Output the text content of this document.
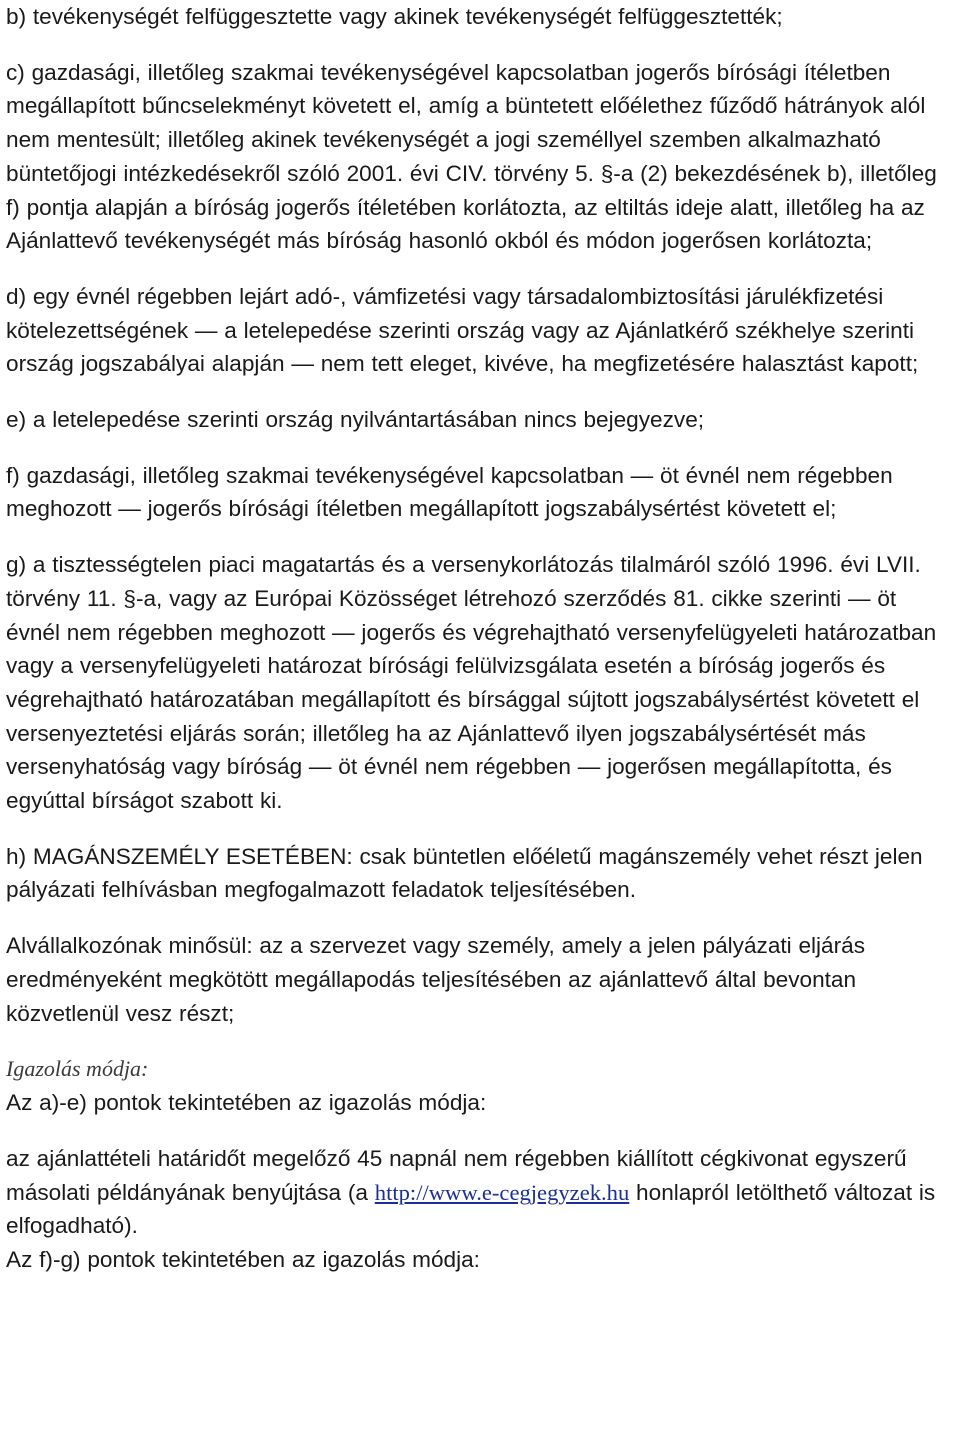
b) tevékenységét felfüggesztette vagy akinek tevékenységét felfüggesztették;

c) gazdasági, illetőleg szakmai tevékenységével kapcsolatban jogerős bírósági ítéletben megállapított bűncselekményt követett el, amíg a büntetett előélethez fűződő hátrányok alól nem mentesült; illetőleg akinek tevékenységét a jogi személlyel szemben alkalmazható büntetőjogi intézkedésekről szóló 2001. évi CIV. törvény 5. §-a (2) bekezdésének b), illetőleg f) pontja alapján a bíróság jogerős ítéletében korlátozta, az eltiltás ideje alatt, illetőleg ha az Ajánlattevő tevékenységét más bíróság hasonló okból és módon jogerősen korlátozta;

d) egy évnél régebben lejárt adó-, vámfizetési vagy társadalombiztosítási járulékfizetési kötelezettségének — a letelepedése szerinti ország vagy az Ajánlatkérő székhelye szerinti ország jogszabályai alapján — nem tett eleget, kivéve, ha megfizetésére halasztást kapott;

e) a letelepedése szerinti ország nyilvántartásában nincs bejegyezve;

f) gazdasági, illetőleg szakmai tevékenységével kapcsolatban — öt évnél nem régebben meghozott — jogerős bírósági ítéletben megállapított jogszabálysértést követett el;

g) a tisztességtelen piaci magatartás és a versenykorlátozás tilalmáról szóló 1996. évi LVII. törvény 11. §-a, vagy az Európai Közösséget létrehozó szerződés 81. cikke szerinti — öt évnél nem régebben meghozott — jogerős és végrehajtható versenyfelügyeleti határozatban vagy a versenyfelügyeleti határozat bírósági felülvizsgálata esetén a bíróság jogerős és végrehajtható határozatában megállapított és bírsággal sújtott jogszabálysértést követett el versenyeztetési eljárás során; illetőleg ha az Ajánlattevő ilyen jogszabálysértését más versenyhatóság vagy bíróság — öt évnél nem régebben — jogerősen megállapította, és egyúttal bírságot szabott ki.

h) MAGÁNSZEMÉLY ESETÉBEN: csak büntetlen előéletű magánszemély vehet részt jelen pályázati felhívásban megfogalmazott feladatok teljesítésében.

Alvállalkozónak minősül: az a szervezet vagy személy, amely a jelen pályázati eljárás eredményeként megkötött megállapodás teljesítésében az ajánlattevő által bevontan közvetlenül vesz részt;

Igazolás módja:

Az a)-e) pontok tekintetében az igazolás módja:

az ajánlattételi határidőt megelőző 45 napnál nem régebben kiállított cégkivonat egyszerű másolati példányának benyújtása (a http://www.e-cegjegyzek.hu honlapról letölthető változat is elfogadható).

Az f)-g) pontok tekintetében az igazolás módja:
